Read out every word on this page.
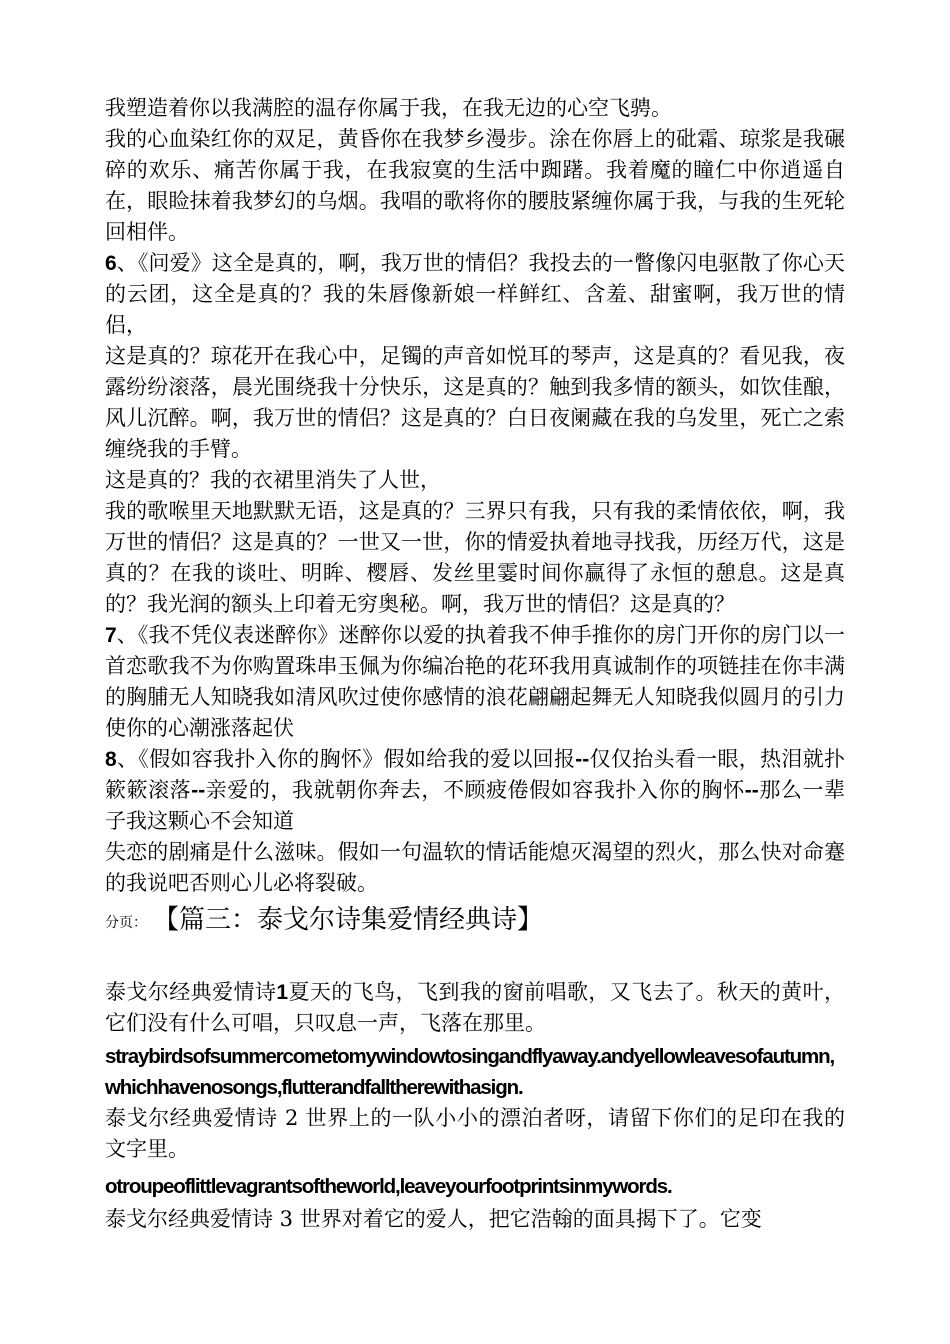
我塑造着你以我满腔的温存你属于我，在我无边的心空飞骋。

我的心血染红你的双足，黄昏你在我梦乡漫步。涂在你唇上的砒霜、琼浆是我碾碎的欢乐、痛苦你属于我，在我寂寞的生活中踟躇。我着魔的瞳仁中你逍遥自在，眼睑抹着我梦幻的乌烟。我唱的歌将你的腰肢紧缠你属于我，与我的生死轮回相伴。

6、《问爱》这全是真的，啊，我万世的情侣？我投去的一瞥像闪电驱散了你心天的云团，这全是真的？我的朱唇像新娘一样鲜红、含羞、甜蜜啊，我万世的情侣，

这是真的？琼花开在我心中，足镯的声音如悦耳的琴声，这是真的？看见我，夜露纷纷滚落，晨光围绕我十分快乐，这是真的？触到我多情的额头，如饮佳酿，风儿沉醉。啊，我万世的情侣？这是真的？白日夜阑藏在我的乌发里，死亡之索缠绕我的手臂。

这是真的？我的衣裙里消失了人世，

我的歌喉里天地默默无语，这是真的？三界只有我，只有我的柔情依依，啊，我万世的情侣？这是真的？一世又一世，你的情爱执着地寻找我，历经万代，这是真的？在我的谈吐、明眸、樱唇、发丝里霎时间你赢得了永恒的憩息。这是真的？我光润的额头上印着无穷奥秘。啊，我万世的情侣？这是真的？

7、《我不凭仪表迷醉你》迷醉你以爱的执着我不伸手推你的房门开你的房门以一首恋歌我不为你购置珠串玉佩为你编冶艳的花环我用真诚制作的项链挂在你丰满的胸脯无人知晓我如清风吹过使你感情的浪花翩翩起舞无人知晓我似圆月的引力使你的心潮涨落起伏

8、《假如容我扑入你的胸怀》假如给我的爱以回报--仅仅抬头看一眼，热泪就扑簌簌滚落--亲爱的，我就朝你奔去，不顾疲倦假如容我扑入你的胸怀--那么一辈子我这颗心不会知道

失恋的剧痛是什么滋味。假如一句温软的情话能熄灭渴望的烈火，那么快对命蹇的我说吧否则心儿必将裂破。

分页： 【篇三：泰戈尔诗集爱情经典诗】

泰戈尔经典爱情诗1夏天的飞鸟，飞到我的窗前唱歌，又飞去了。秋天的黄叶，它们没有什么可唱，只叹息一声，飞落在那里。

straybirdsofsummercometomywindowtosingandflyaway.andyellowleavesofautumn,whichhavenosongs,flutterandfalltherewithasign.

泰戈尔经典爱情诗 2 世界上的一队小小的漂泊者呀，请留下你们的足印在我的文字里。

otroupeoflittlevagrantsoftheworld,leaveyourfootprintsinmywords.

泰戈尔经典爱情诗 3 世界对着它的爱人，把它浩翰的面具揭下了。它变
